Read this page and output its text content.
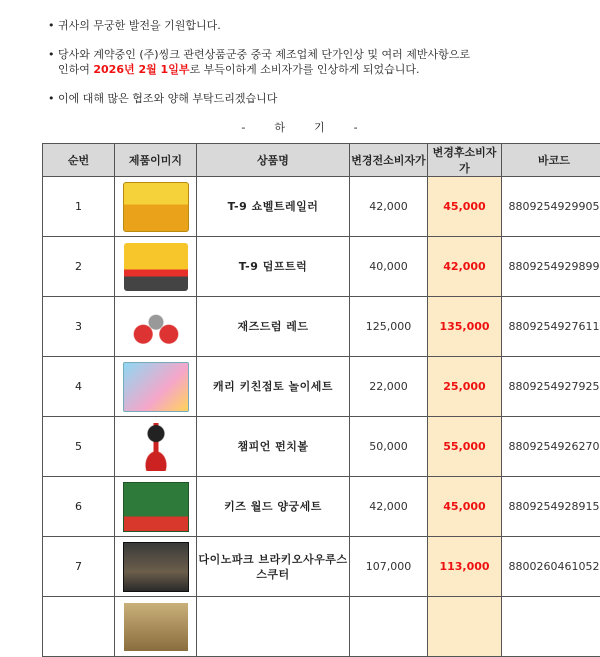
• 귀사의 무궁한 발전을 기원합니다.

• 당사와 계약중인 (주)씽크 관련상품군중 중국 제조업체 단가인상 및 여러 제반사항으로
인하여 2026년 2월 1일부로 부득이하게 소비자가를 인상하게 되었습니다.

• 이에 대해 많은 협조와 양해 부탁드리겠습니다

-	하	기	-
순번	제품이미지	상품명	변경전소비자가	변경후소비자가	바코드
1		T-9 쇼벨트레일러	42,000	45,000	8809254929905
2		T-9 덤프트럭	40,000	42,000	8809254929899
3		재즈드럼 레드	125,000	135,000	8809254927611
4		캐리 키친점토 놀이세트	22,000	25,000	8809254927925
5		챔피언 펀치볼	50,000	55,000	8809254926270
6		키즈 월드 양궁세트	42,000	45,000	8809254928915
7		다이노파크 브라키오사우루스 스쿠터	107,000	113,000	8800260461052
